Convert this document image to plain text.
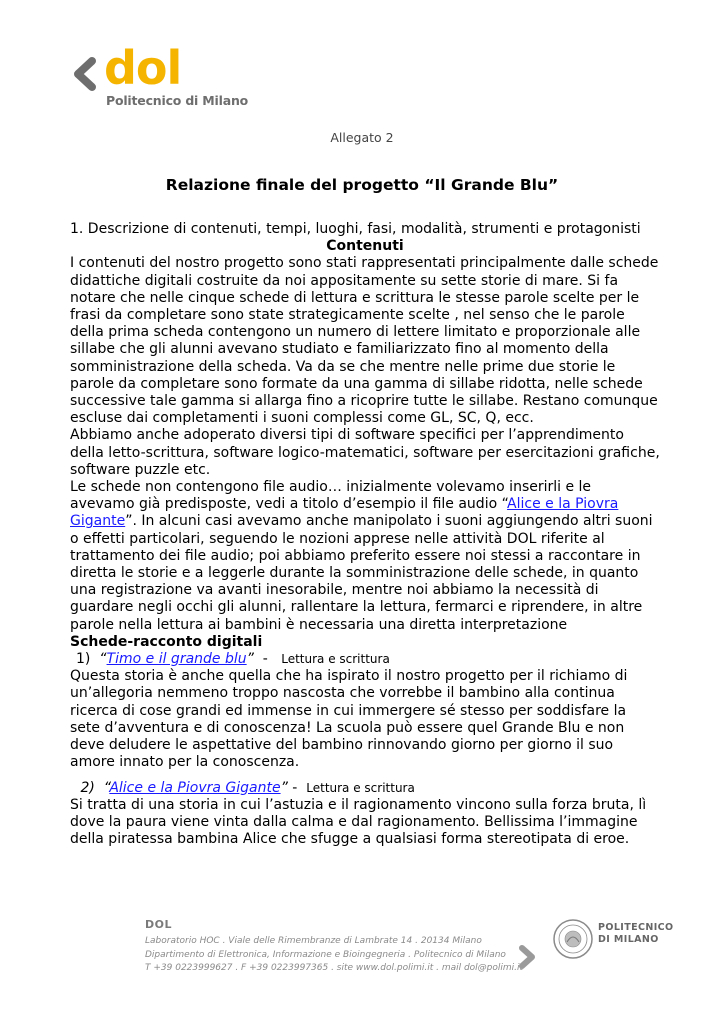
dol
Politecnico di Milano
Allegato 2
Relazione finale del progetto “Il Grande Blu”

1. Descrizione di contenuti, tempi, luoghi, fasi, modalità, strumenti e protagonisti

Contenuti

I contenuti del nostro progetto sono stati rappresentati principalmente dalle schede didattiche digitali costruite da noi appositamente su sette storie di mare. Si fa notare che nelle cinque schede di lettura e scrittura le stesse parole scelte per le frasi da completare sono state strategicamente scelte , nel senso che le parole della prima scheda contengono un numero di lettere limitato e proporzionale alle sillabe che gli alunni avevano studiato e familiarizzato fino al momento della somministrazione della scheda. Va da se che mentre nelle prime due storie le parole da completare sono formate da una gamma di sillabe ridotta, nelle schede successive tale gamma si allarga fino a ricoprire tutte le sillabe. Restano comunque escluse dai completamenti i suoni complessi come GL, SC, Q, ecc.

Abbiamo anche adoperato diversi tipi di software specifici per l’apprendimento della letto-scrittura, software logico-matematici, software per esercitazioni grafiche, software puzzle etc.

Le schede non contengono file audio… inizialmente volevamo inserirli e le avevamo già predisposte, vedi a titolo d’esempio il file audio “Alice e la Piovra Gigante”. In alcuni casi avevamo anche manipolato i suoni aggiungendo altri suoni o effetti particolari, seguendo le nozioni apprese nelle attività DOL riferite al trattamento dei file audio; poi abbiamo preferito essere noi stessi a raccontare in diretta le storie e a leggerle durante la somministrazione delle schede, in quanto una registrazione va avanti inesorabile, mentre noi abbiamo la necessità di guardare negli occhi gli alunni, rallentare la lettura, fermarci e riprendere, in altre parole nella lettura ai bambini è necessaria una diretta interpretazione

Schede-racconto digitali

1) “Timo e il grande blu”  -   Lettura e scrittura

Questa storia è anche quella che ha ispirato il nostro progetto per il richiamo di un’allegoria nemmeno troppo nascosta che vorrebbe il bambino alla continua ricerca di cose grandi ed immense in cui immergere sé stesso per soddisfare la sete d’avventura e di conoscenza! La scuola può essere quel Grande Blu e non deve deludere le aspettative del bambino rinnovando giorno per giorno il suo amore innato per la conoscenza.

2) “Alice e la Piovra Gigante” -  Lettura e scrittura

Si tratta di una storia in cui l’astuzia e il ragionamento vincono sulla forza bruta, lì dove la paura viene vinta dalla calma e dal ragionamento. Bellissima l’immagine della piratessa bambina Alice che sfugge a qualsiasi forma stereotipata di eroe.

DOL
Laboratorio HOC . Viale delle Rimembranze di Lambrate 14 . 20134 Milano
Dipartimento di Elettronica, Informazione e Bioingegneria . Politecnico di Milano
T +39 0223999627 . F +39 0223997365 . site www.dol.polimi.it . mail dol@polimi.it
POLITECNICO
DI MILANO
